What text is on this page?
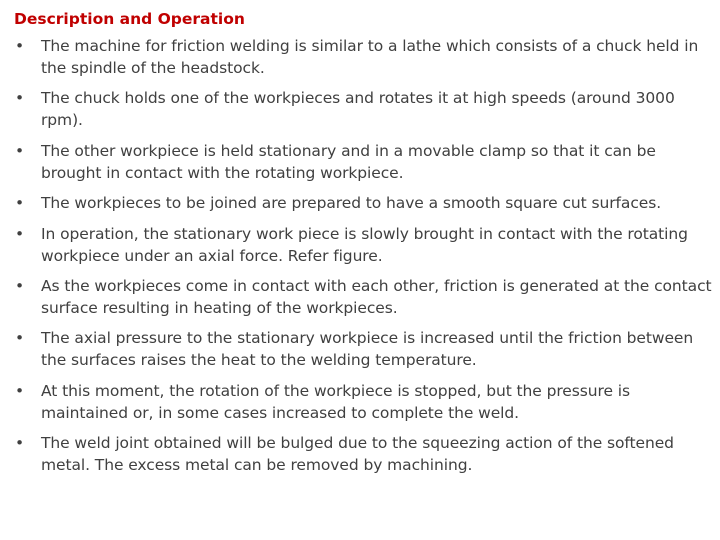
Description and Operation
•	The machine for friction welding is similar to a lathe which consists of a chuck held in the spindle of the headstock.
•	The chuck holds one of the workpieces and rotates it at high speeds (around 3000 rpm).
•	The other workpiece is held stationary and in a movable clamp so that it can be brought in contact with the rotating workpiece.
•	The workpieces to be joined are prepared to have a smooth square cut surfaces.
•	In operation, the stationary work piece is slowly brought in contact with the rotating workpiece under an axial force. Refer figure.
•	As the workpieces come in contact with each other, friction is generated at the contact surface resulting in heating of the workpieces.
•	The axial pressure to the stationary workpiece is increased until the friction between the surfaces raises the heat to the welding temperature.
•	At this moment, the rotation of the workpiece is stopped, but the pressure is maintained or, in some cases increased to complete the weld.
•	The weld joint obtained will be bulged due to the squeezing action of the softened metal. The excess metal can be removed by machining.
